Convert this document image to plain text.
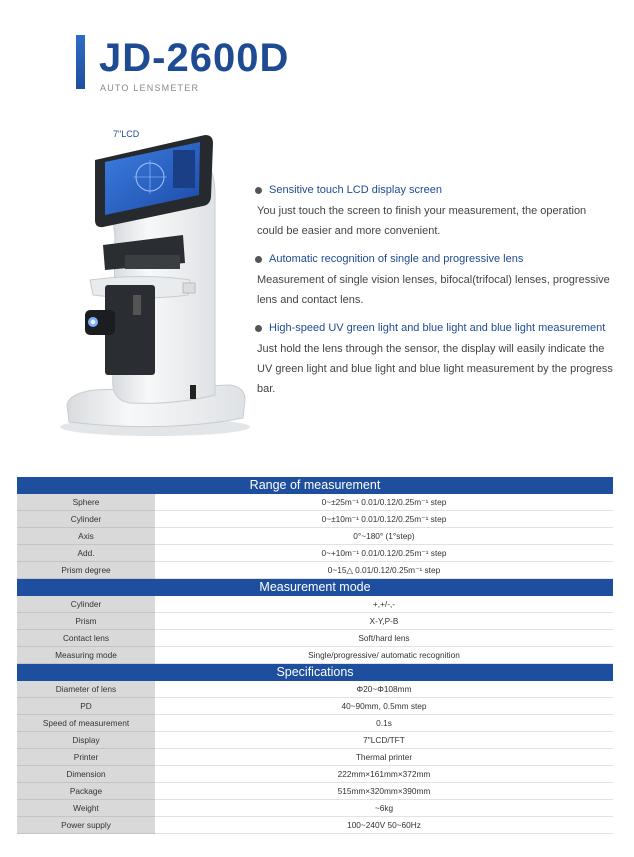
JD-2600D
AUTO LENSMETER
7"LCD
Sensitive touch LCD display screen
You just touch the screen to finish your measurement, the operation could be easier and more convenient.
Automatic recognition of single and progressive lens
Measurement of single vision lenses, bifocal(trifocal) lenses, progressive lens and contact lens.
High-speed UV green light and blue light and blue light measurement
Just hold the lens through the sensor, the display will easily indicate the UV green light and blue light and blue light measurement by the progress bar.
Range of measurement
Sphere	0~±25m⁻¹ 0.01/0.12/0.25m⁻¹ step
Cylinder	0~±10m⁻¹ 0.01/0.12/0.25m⁻¹ step
Axis	0°~180° (1°step)
Add.	0~+10m⁻¹ 0.01/0.12/0.25m⁻¹ step
Prism degree	0~15△ 0.01/0.12/0.25m⁻¹ step
Measurement mode
Cylinder	+,+/-,-
Prism	X-Y,P-B
Contact lens	Soft/hard lens
Measuring mode	Single/progressive/ automatic recognition
Specifications
Diameter of lens	Φ20~Φ108mm
PD	40~90mm, 0.5mm step
Speed of measurement	0.1s
Display	7"LCD/TFT
Printer	Thermal printer
Dimension	222mm×161mm×372mm
Package	515mm×320mm×390mm
Weight	~6kg
Power supply	100~240V 50~60Hz
